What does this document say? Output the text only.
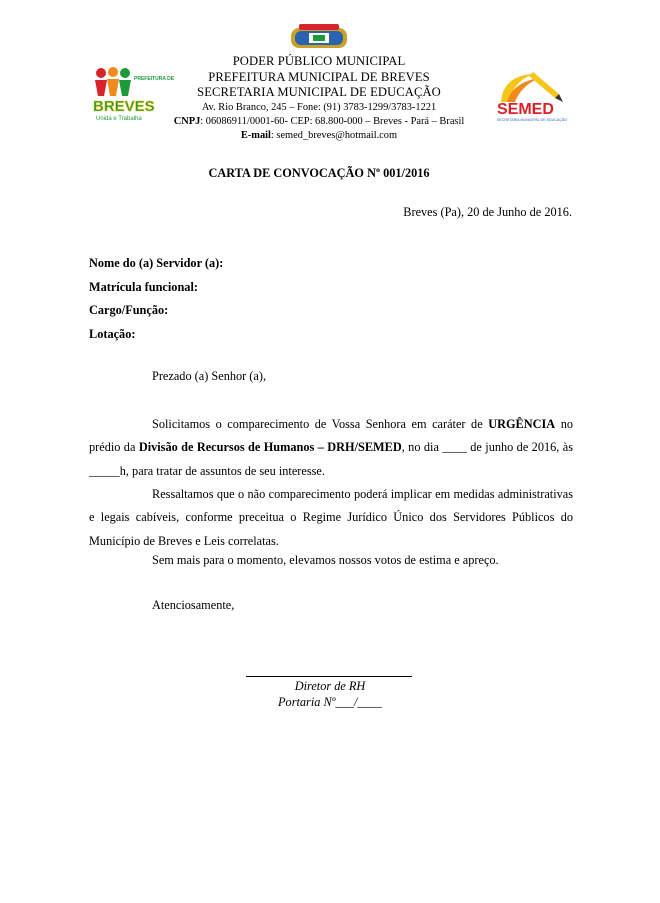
PREFEITURA DE
BREVES
Unida e Trabalha
PODER PÚBLICO MUNICIPAL
PREFEITURA MUNICIPAL DE BREVES
SECRETARIA MUNICIPAL DE EDUCAÇÃO
Av. Rio Branco, 245 – Fone: (91) 3783-1299/3783-1221
CNPJ: 06086911/0001-60- CEP: 68.800-000 – Breves - Pará – Brasil
E-mail: semed_breves@hotmail.com
SEMED
SECRETARIA MUNICIPAL DE EDUCAÇÃO
CARTA DE CONVOCAÇÃO Nº 001/2016
Breves (Pa), 20 de Junho de 2016.
Nome do (a) Servidor (a):
Matrícula funcional:
Cargo/Função:
Lotação:
Prezado (a) Senhor (a),
Solicitamos o comparecimento de Vossa Senhora em caráter de URGÊNCIA no prédio da Divisão de Recursos de Humanos – DRH/SEMED, no dia ____ de junho de 2016, às _____h, para tratar de assuntos de seu interesse.
Ressaltamos que o não comparecimento poderá implicar em medidas administrativas e legais cabíveis, conforme preceitua o Regime Jurídico Único dos Servidores Públicos do Município de Breves e Leis correlatas.
Sem mais para o momento, elevamos nossos votos de estima e apreço.
Atenciosamente,
Diretor de RH
Portaria Nº___/____
